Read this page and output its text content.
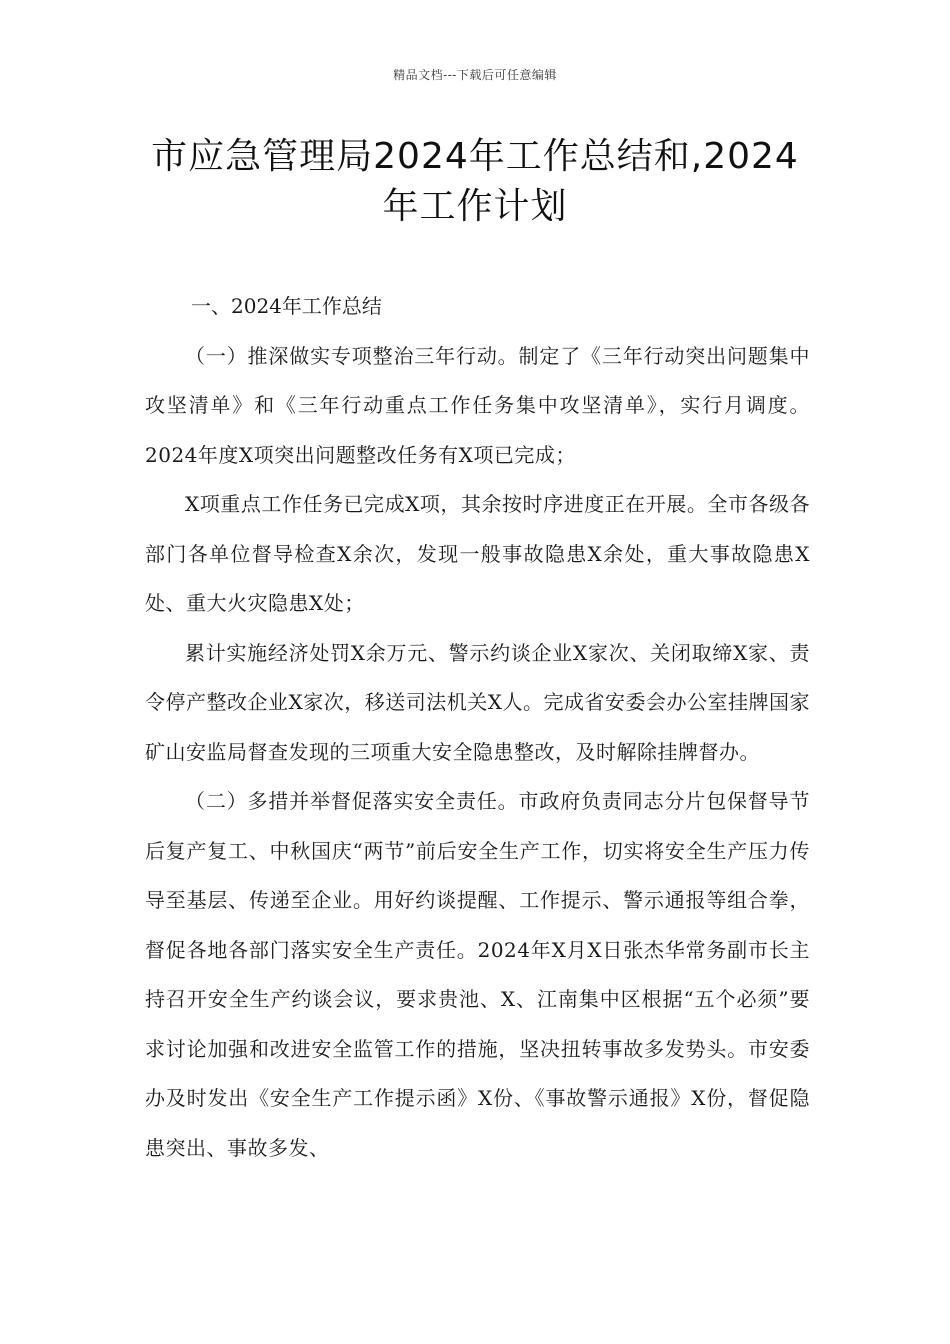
精品文档---下载后可任意编辑
市应急管理局2024年工作总结和,2024
年工作计划

一、2024年工作总结

（一）推深做实专项整治三年行动。制定了《三年行动突出问题集中攻坚清单》和《三年行动重点工作任务集中攻坚清单》，实行月调度。2024年度X项突出问题整改任务有X项已完成；

X项重点工作任务已完成X项，其余按时序进度正在开展。全市各级各部门各单位督导检查X余次，发现一般事故隐患X余处，重大事故隐患X处、重大火灾隐患X处；

累计实施经济处罚X余万元、警示约谈企业X家次、关闭取缔X家、责令停产整改企业X家次，移送司法机关X人。完成省安委会办公室挂牌国家矿山安监局督查发现的三项重大安全隐患整改，及时解除挂牌督办。

（二）多措并举督促落实安全责任。市政府负责同志分片包保督导节后复产复工、中秋国庆“两节”前后安全生产工作，切实将安全生产压力传导至基层、传递至企业。用好约谈提醒、工作提示、警示通报等组合拳，督促各地各部门落实安全生产责任。2024年X月X日张杰华常务副市长主持召开安全生产约谈会议，要求贵池、X、江南集中区根据“五个必须”要求讨论加强和改进安全监管工作的措施，坚决扭转事故多发势头。市安委办及时发出《安全生产工作提示函》X份、《事故警示通报》X份，督促隐患突出、事故多发、
